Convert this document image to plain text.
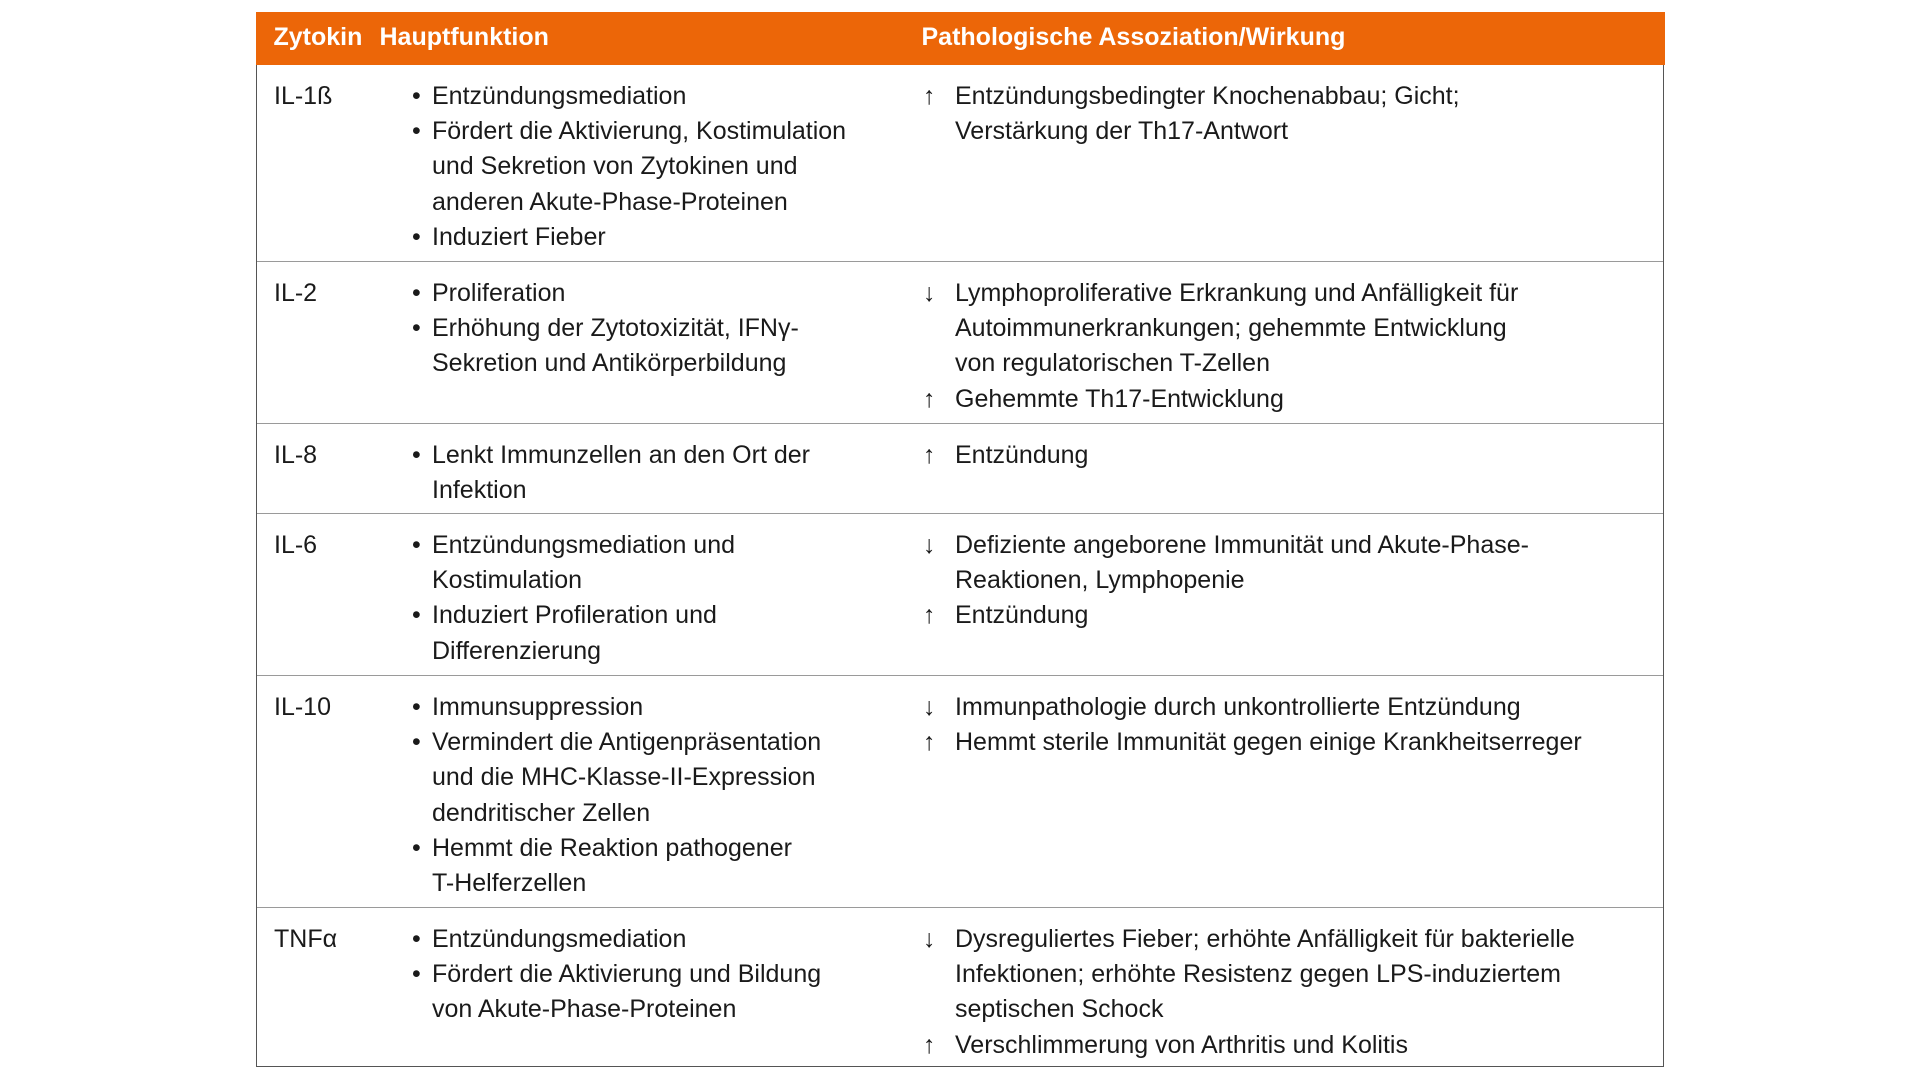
Zytokin Hauptfunktion	Pathologische Assoziation/Wirkung
IL-1ß	• Entzündungsmediation
• Fördert die Aktivierung, Kostimulation
und Sekretion von Zytokinen und
anderen Akute-Phase-Proteinen
• Induziert Fieber
↑ Entzündungsbedingter Knochenabbau; Gicht;
Verstärkung der Th17-Antwort
IL-2	• Proliferation
• Erhöhung der Zytotoxizität, IFNγ-
Sekretion und Antikörperbildung
↓ Lymphoproliferative Erkrankung und Anfälligkeit für
Autoimmunerkrankungen; gehemmte Entwicklung
von regulatorischen T-Zellen
↑ Gehemmte Th17-Entwicklung
IL-8	• Lenkt Immunzellen an den Ort der
Infektion
↑ Entzündung
IL-6	• Entzündungsmediation und
Kostimulation
• Induziert Profileration und
Differenzierung
↓ Defiziente angeborene Immunität und Akute-Phase-
Reaktionen, Lymphopenie
↑ Entzündung
IL-10	• Immunsuppression
• Vermindert die Antigenpräsentation
und die MHC-Klasse-II-Expression
dendritischer Zellen
• Hemmt die Reaktion pathogener
T-Helferzellen
↓ Immunpathologie durch unkontrollierte Entzündung
↑ Hemmt sterile Immunität gegen einige Krankheitserreger
TNFα	• Entzündungsmediation
• Fördert die Aktivierung und Bildung
von Akute-Phase-Proteinen
↓ Dysreguliertes Fieber; erhöhte Anfälligkeit für bakterielle
Infektionen; erhöhte Resistenz gegen LPS-induziertem
septischen Schock
↑ Verschlimmerung von Arthritis und Kolitis
